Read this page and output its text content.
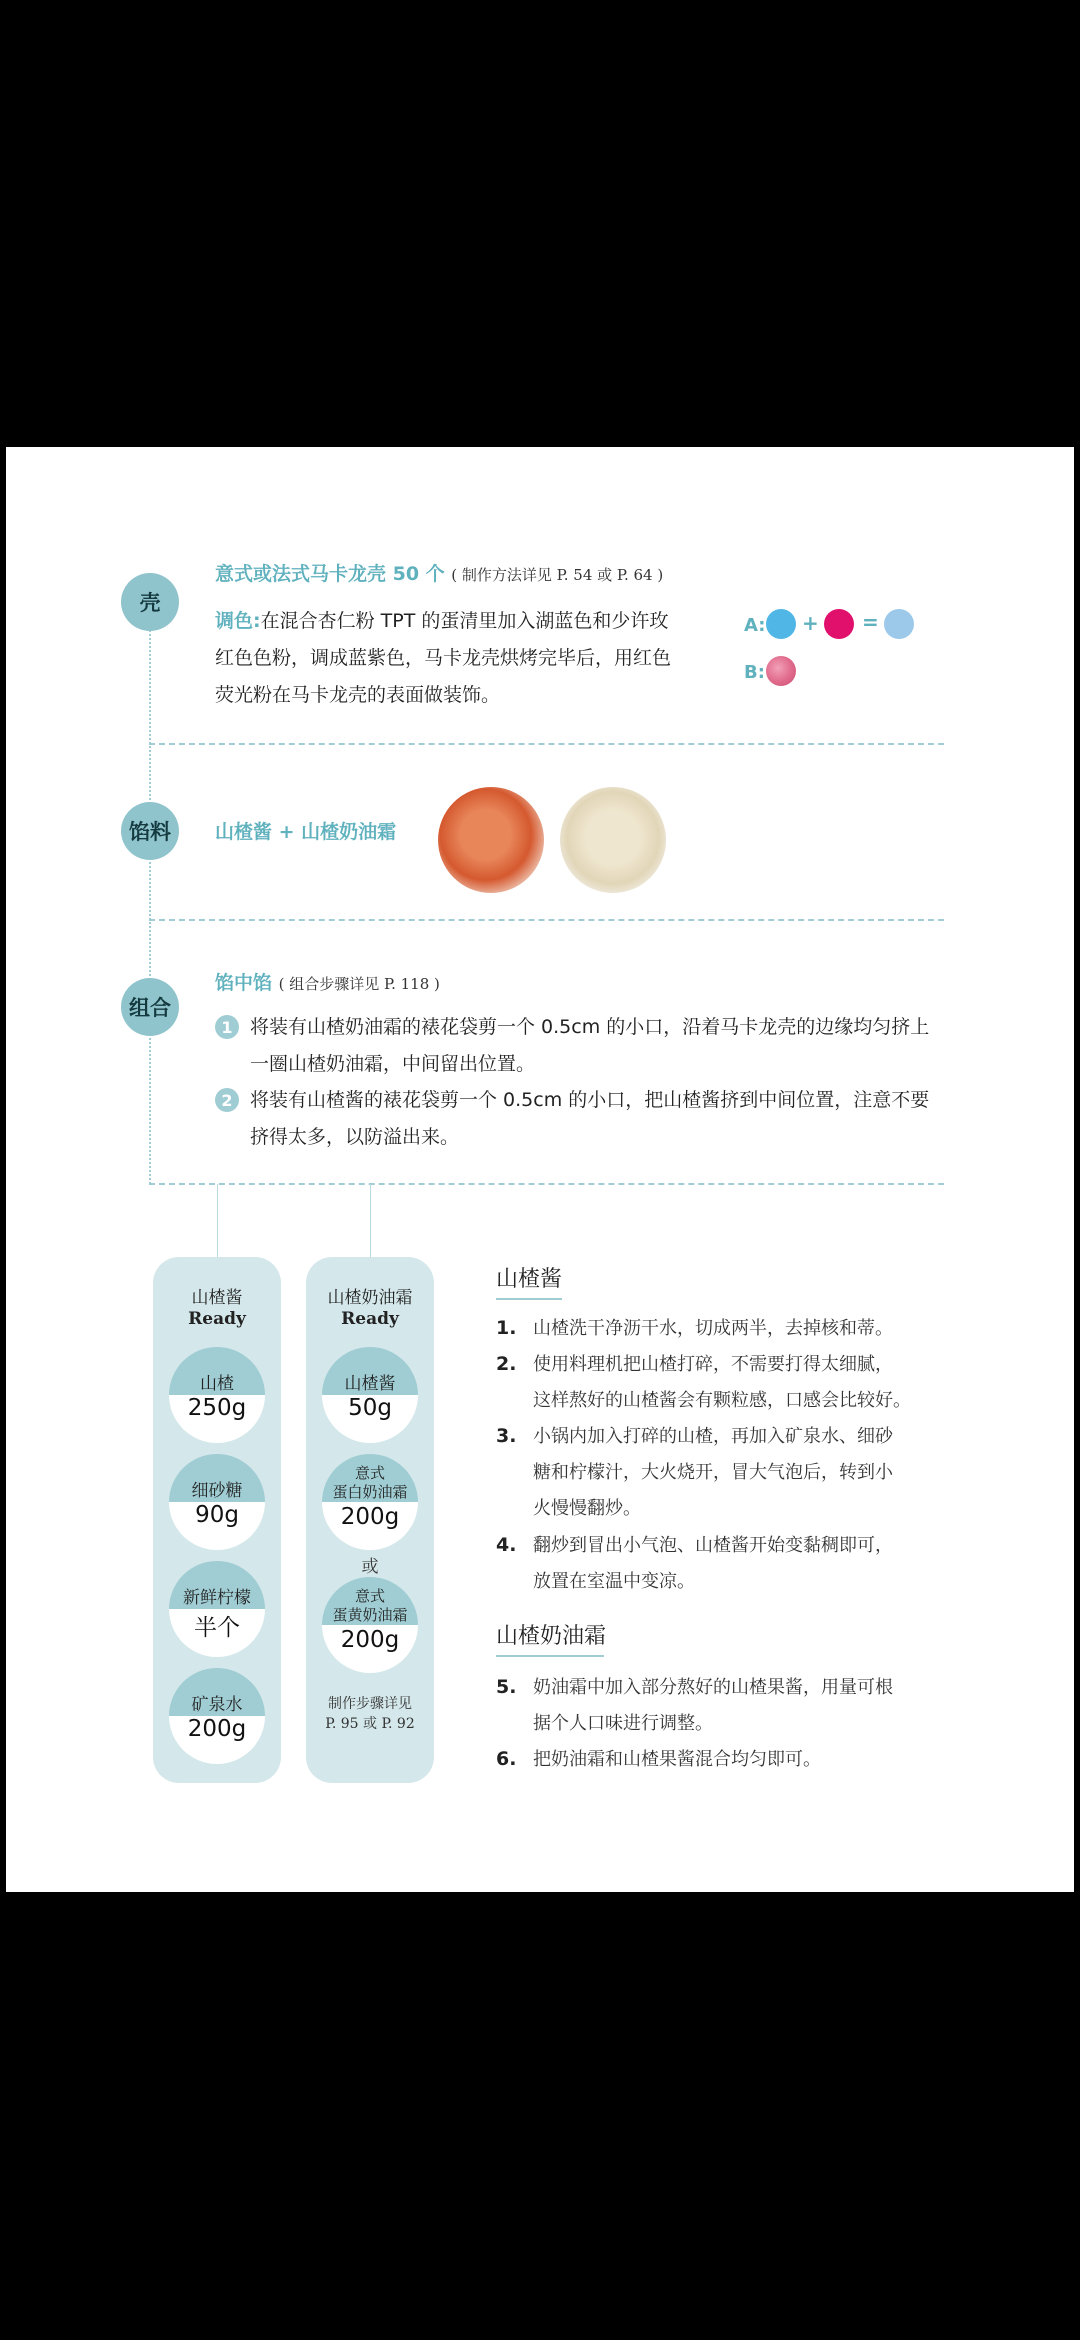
壳
意式或法式马卡龙壳 50 个 ( 制作方法详见 P. 54 或 P. 64 )
调色:在混合杏仁粉 TPT 的蛋清里加入湖蓝色和少许玫
红色色粉，调成蓝紫色，马卡龙壳烘烤完毕后，用红色
荧光粉在马卡龙壳的表面做装饰。
A: + =
B:
馅料	山楂酱 + 山楂奶油霜
组合
馅中馅 ( 组合步骤详见 P. 118 )
1 将装有山楂奶油霜的裱花袋剪一个 0.5cm 的小口，沿着马卡龙壳的边缘均匀挤上
一圈山楂奶油霜，中间留出位置。
2 将装有山楂酱的裱花袋剪一个 0.5cm 的小口，把山楂酱挤到中间位置，注意不要
挤得太多，以防溢出来。
山楂酱
Ready
山楂
250g
细砂糖
90g
新鲜柠檬
半个
矿泉水
200g
山楂奶油霜
Ready
山楂酱
50g
意式
蛋白奶油霜
200g
或
意式
蛋黄奶油霜
200g
制作步骤详见
P. 95 或 P. 92
山楂酱
1. 山楂洗干净沥干水，切成两半，去掉核和蒂。
2. 使用料理机把山楂打碎，不需要打得太细腻，
这样熬好的山楂酱会有颗粒感，口感会比较好。
3. 小锅内加入打碎的山楂，再加入矿泉水、细砂
糖和柠檬汁，大火烧开，冒大气泡后，转到小
火慢慢翻炒。
4. 翻炒到冒出小气泡、山楂酱开始变黏稠即可，
放置在室温中变凉。
山楂奶油霜
5. 奶油霜中加入部分熬好的山楂果酱，用量可根
据个人口味进行调整。
6. 把奶油霜和山楂果酱混合均匀即可。
